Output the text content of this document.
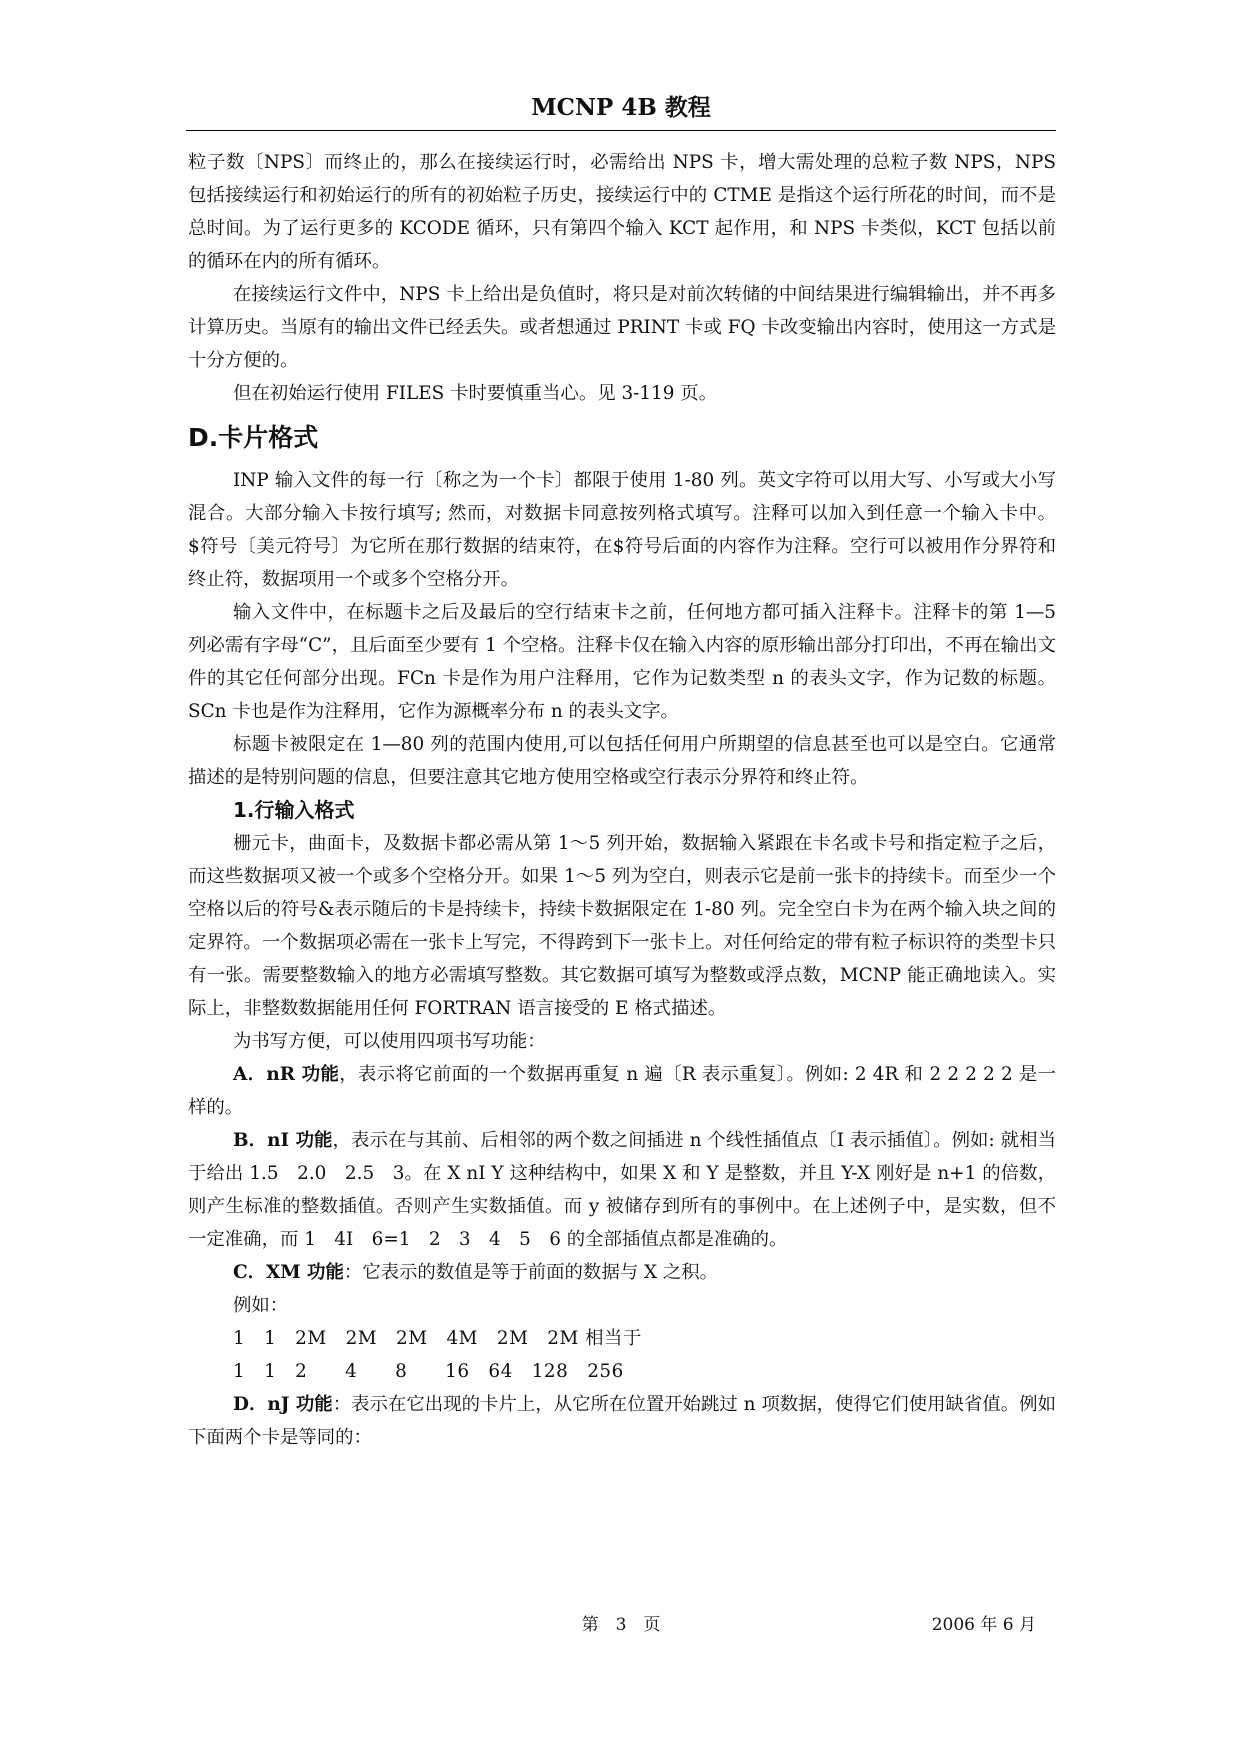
MCNP 4B 教程

粒子数〔NPS〕而终止的，那么在接续运行时，必需给出 NPS 卡，增大需处理的总粒子数 NPS，NPS 包括接续运行和初始运行的所有的初始粒子历史，接续运行中的 CTME 是指这个运行所花的时间，而不是总时间。为了运行更多的 KCODE 循环，只有第四个输入 KCT 起作用，和 NPS 卡类似，KCT 包括以前的循环在内的所有循环。

在接续运行文件中，NPS 卡上给出是负值时，将只是对前次转储的中间结果进行编辑输出，并不再多计算历史。当原有的输出文件已经丢失。或者想通过 PRINT 卡或 FQ 卡改变输出内容时，使用这一方式是十分方便的。

但在初始运行使用 FILES 卡时要慎重当心。见 3-119 页。

D.卡片格式

INP 输入文件的每一行〔称之为一个卡〕都限于使用 1-80 列。英文字符可以用大写、小写或大小写混合。大部分输入卡按行填写; 然而，对数据卡同意按列格式填写。注释可以加入到任意一个输入卡中。$符号〔美元符号〕为它所在那行数据的结束符，在$符号后面的内容作为注释。空行可以被用作分界符和终止符，数据项用一个或多个空格分开。

输入文件中，在标题卡之后及最后的空行结束卡之前，任何地方都可插入注释卡。注释卡的第 1—5 列必需有字母“C”，且后面至少要有 1 个空格。注释卡仅在输入内容的原形输出部分打印出，不再在输出文件的其它任何部分出现。FCn 卡是作为用户注释用，它作为记数类型 n 的表头文字，作为记数的标题。SCn 卡也是作为注释用，它作为源概率分布 n 的表头文字。

标题卡被限定在 1—80 列的范围内使用,可以包括任何用户所期望的信息甚至也可以是空白。它通常描述的是特别问题的信息，但要注意其它地方使用空格或空行表示分界符和终止符。

1.行输入格式

栅元卡，曲面卡，及数据卡都必需从第 1～5 列开始，数据输入紧跟在卡名或卡号和指定粒子之后，而这些数据项又被一个或多个空格分开。如果 1～5 列为空白，则表示它是前一张卡的持续卡。而至少一个空格以后的符号&表示随后的卡是持续卡，持续卡数据限定在 1-80 列。完全空白卡为在两个输入块之间的定界符。一个数据项必需在一张卡上写完，不得跨到下一张卡上。对任何给定的带有粒子标识符的类型卡只有一张。需要整数输入的地方必需填写整数。其它数据可填写为整数或浮点数，MCNP 能正确地读入。实际上，非整数数据能用任何 FORTRAN 语言接受的 E 格式描述。

为书写方便，可以使用四项书写功能：

A．nR 功能，表示将它前面的一个数据再重复 n 遍〔R 表示重复〕。例如: 2 4R 和 2 2 2 2 2 是一样的。

B．nI 功能，表示在与其前、后相邻的两个数之间插进 n 个线性插值点〔I 表示插值〕。例如: 就相当于给出 1.5　2.0　2.5　3。在 X nI Y 这种结构中，如果 X 和 Y 是整数，并且 Y-X 刚好是 n+1 的倍数，则产生标准的整数插值。否则产生实数插值。而 y 被储存到所有的事例中。在上述例子中，是实数，但不一定准确，而 1　4I　6=1　2　3　4　5　6 的全部插值点都是准确的。

C．XM 功能：它表示的数值是等于前面的数据与 X 之积。

例如：

1　1　2M　2M　2M　4M　2M　2M 相当于

1　1　2　　4　　8　　16　64　128　256

D．nJ 功能：表示在它出现的卡片上，从它所在位置开始跳过 n 项数据，使得它们使用缺省值。例如下面两个卡是等同的：

第　3　页	2006 年 6 月
